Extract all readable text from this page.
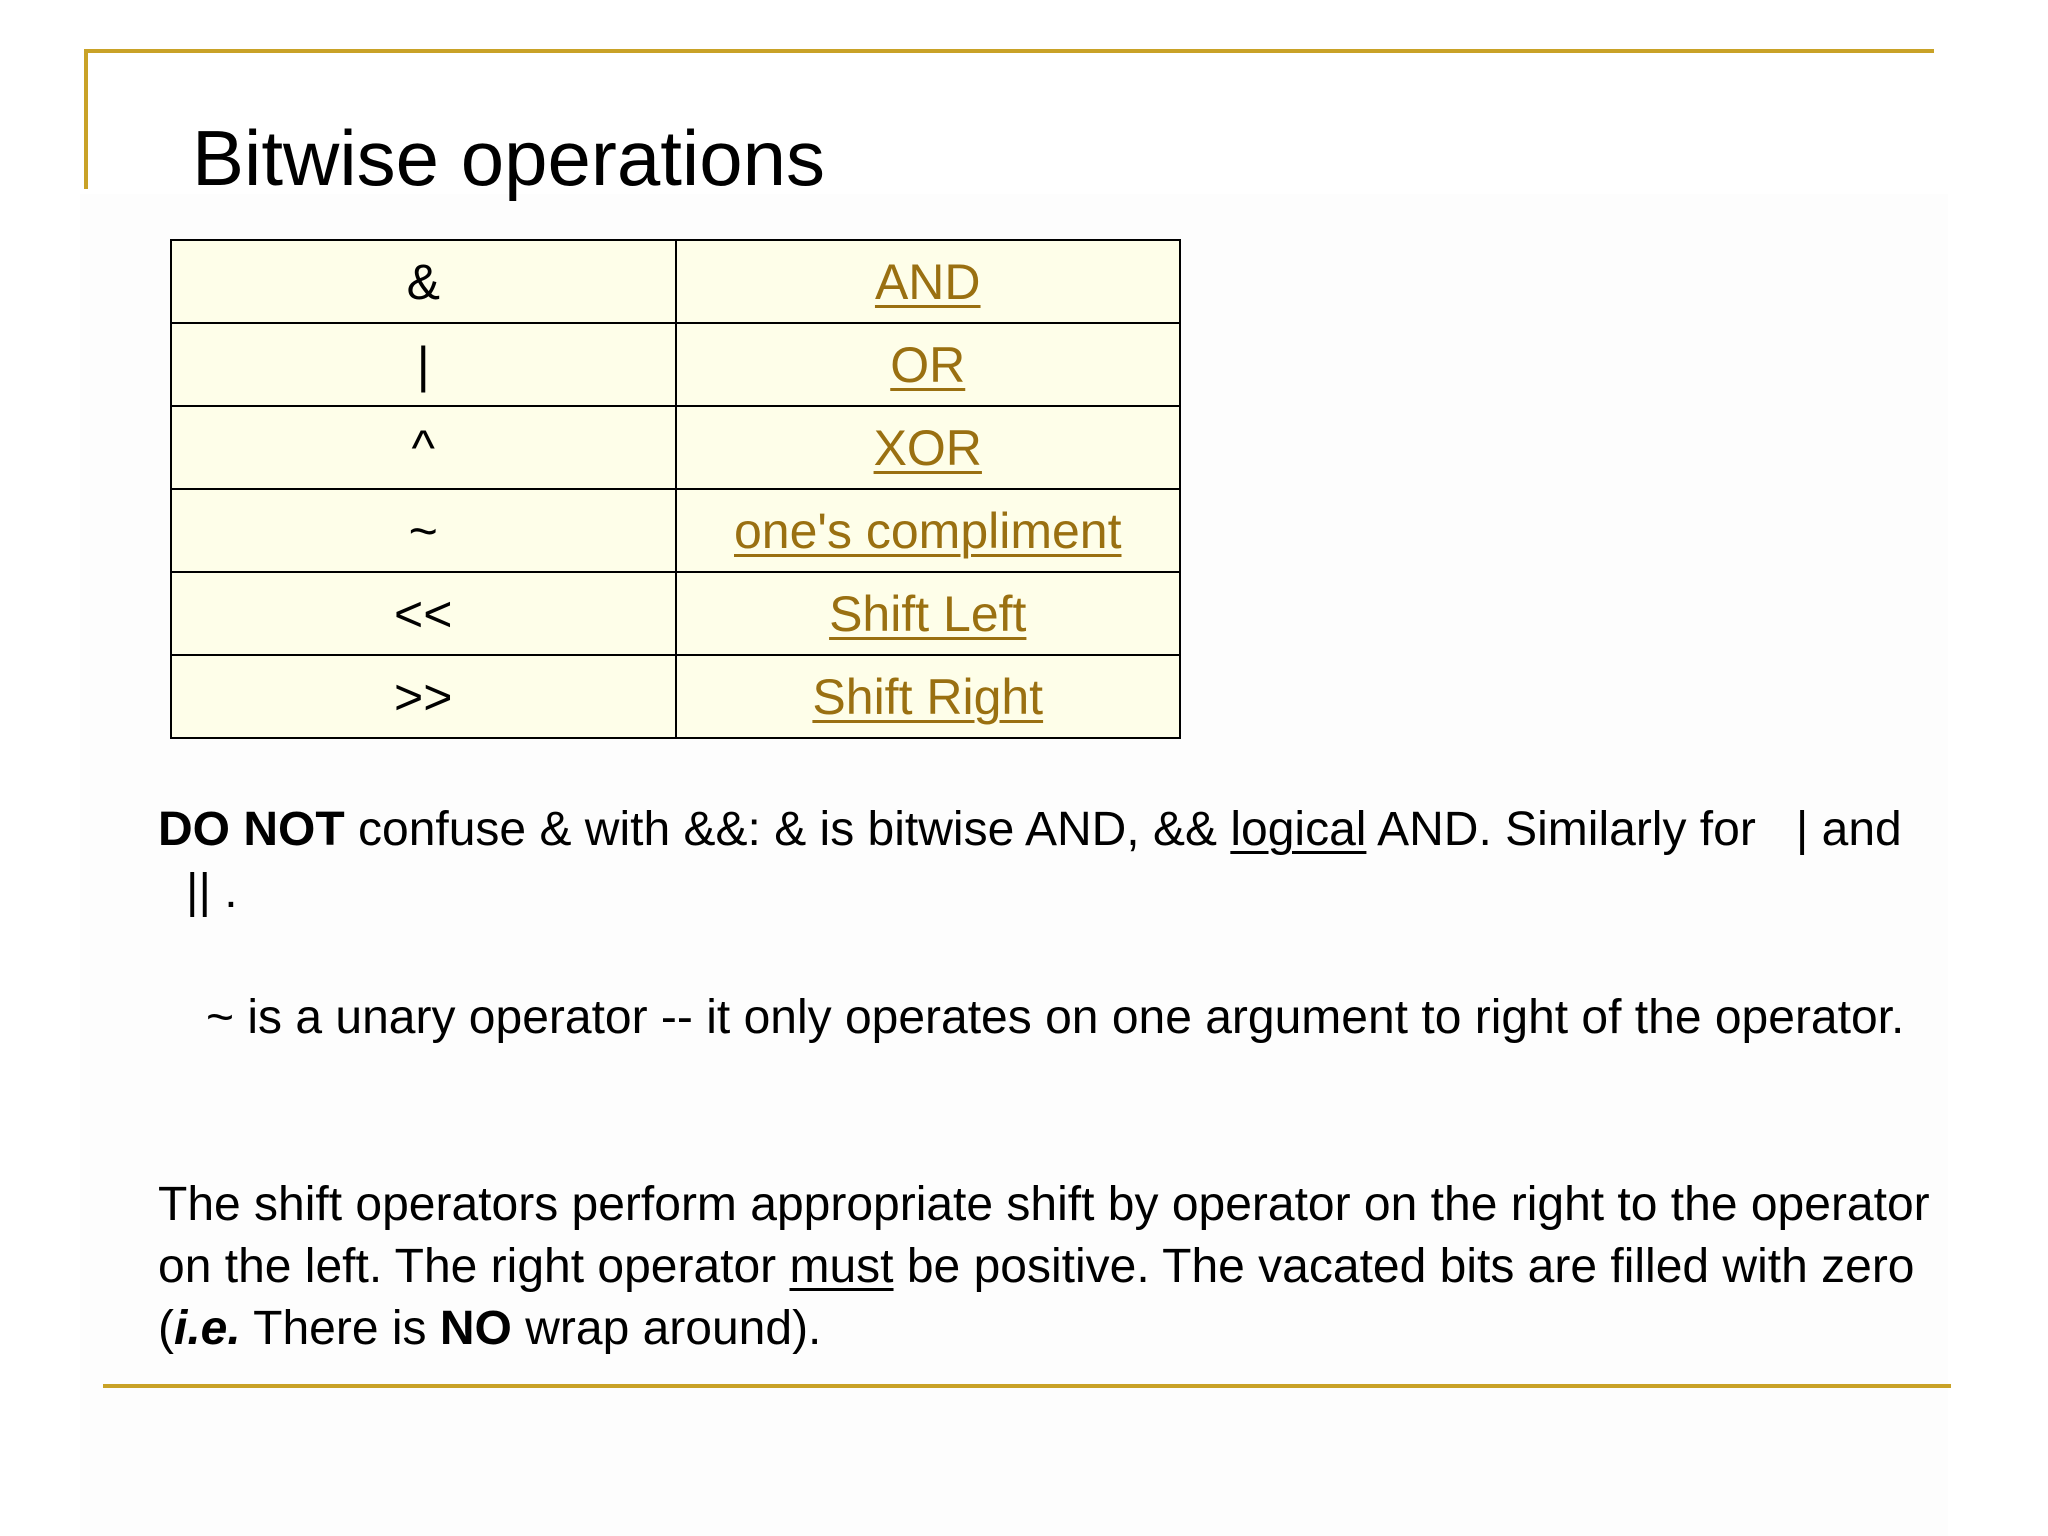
Bitwise operations
&	AND
|	OR
^	XOR
~	one's compliment
<<	Shift Left
>>	Shift Right

DO NOT confuse & with &&: & is bitwise AND, && logical AND. Similarly for | and|| .

~ is a unary operator -- it only operates on one argument to right of the operator.

The shift operators perform appropriate shift by operator on the right to the operator on the left. The right operator must be positive. The vacated bits are filled with zero (i.e. There is NO wrap around).
